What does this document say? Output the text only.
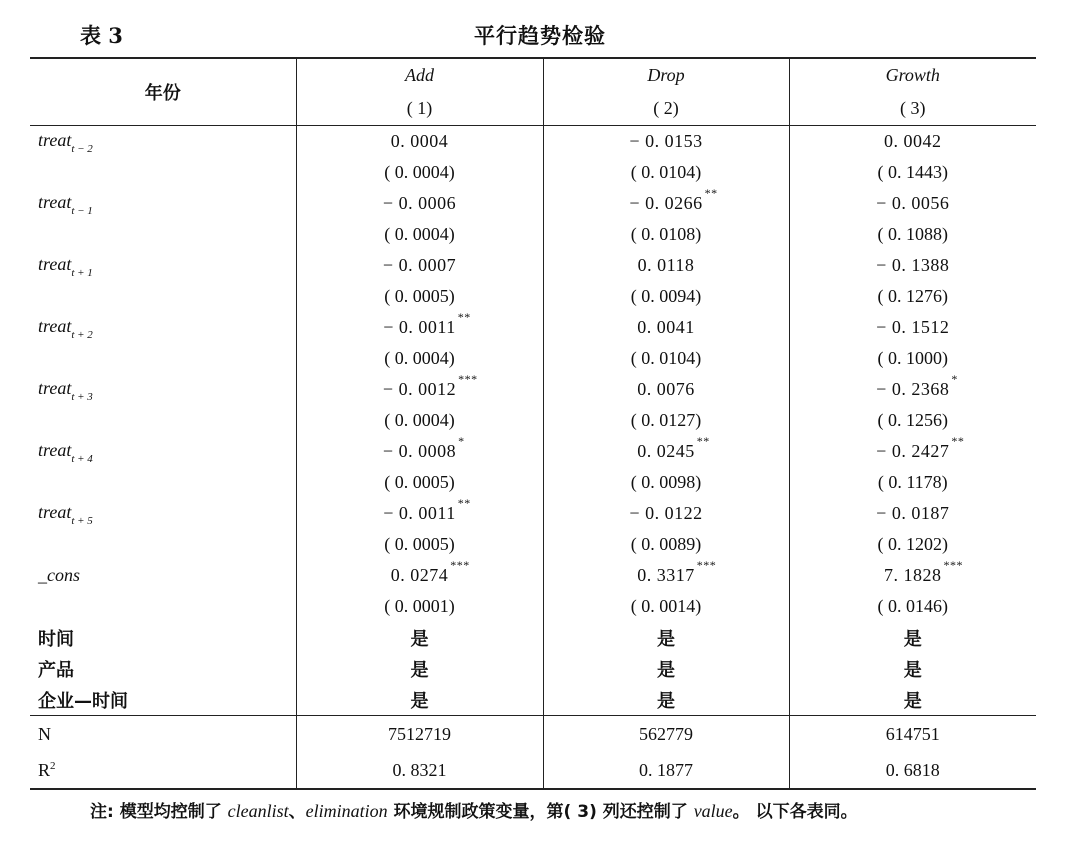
表 3	平行趋势检验
年份	Add	Drop	Growth
	( 1)	( 2)	( 3)
treat$_{t - 2}$	0. 0004	− 0. 0153	0. 0042
	( 0. 0004)	( 0. 0104)	( 0. 1443)
treat$_{t - 1}$	− 0. 0006	− 0. 0266 **	− 0. 0056
	( 0. 0004)	( 0. 0108)	( 0. 1088)
treat$_{t + 1}$	− 0. 0007	0. 0118	− 0. 1388
	( 0. 0005)	( 0. 0094)	( 0. 1276)
treat$_{t + 2}$	− 0. 0011 **	0. 0041	− 0. 1512
	( 0. 0004)	( 0. 0104)	( 0. 1000)
treat$_{t + 3}$	− 0. 0012 ***	0. 0076	− 0. 2368 *

	( 0. 0004)	( 0. 0127)	( 0. 1256)
treat$_{t + 4}$	− 0. 0008 *	0. 0245 **	− 0. 2427 **

	( 0. 0005)	( 0. 0098)	( 0. 1178)
treat$_{t + 5}$	− 0. 0011 **	− 0. 0122	− 0. 0187
	( 0. 0005)	( 0. 0089)	( 0. 1202)
_cons	0. 0274 ***	0. 3317 ***	7. 1828 ***

	( 0. 0001)	( 0. 0014)	( 0. 0146)
时间	是	是	是
产品	是	是	是
企业—时间	是	是	是
N	7512719	562779	614751
$R^2$	0. 8321	0. 1877	0. 6818
注: 模型均控制了 cleanlist、elimination 环境规制政策变量，第( 3) 列还控制了 value。 以下各表同。
